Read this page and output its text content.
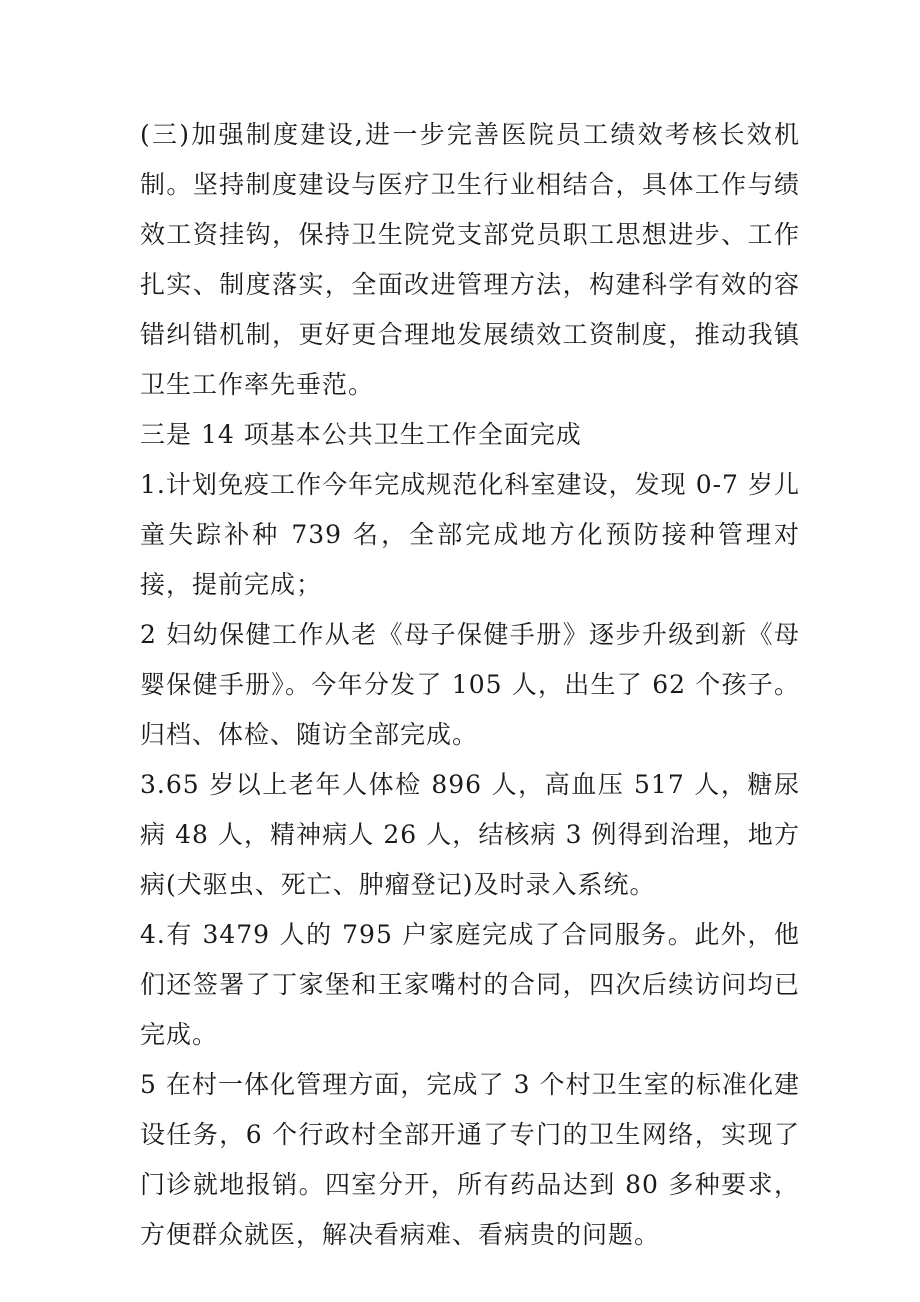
(三)加强制度建设,进一步完善医院员工绩效考核长效机制。坚持制度建设与医疗卫生行业相结合，具体工作与绩效工资挂钩，保持卫生院党支部党员职工思想进步、工作扎实、制度落实，全面改进管理方法，构建科学有效的容错纠错机制，更好更合理地发展绩效工资制度，推动我镇卫生工作率先垂范。

三是 14 项基本公共卫生工作全面完成

1.计划免疫工作今年完成规范化科室建设，发现 0-7 岁儿童失踪补种 739 名，全部完成地方化预防接种管理对接，提前完成；

2 妇幼保健工作从老《母子保健手册》逐步升级到新《母婴保健手册》。今年分发了 105 人，出生了 62 个孩子。归档、体检、随访全部完成。

3.65 岁以上老年人体检 896 人，高血压 517 人，糖尿病 48 人，精神病人 26 人，结核病 3 例得到治理，地方病(犬驱虫、死亡、肿瘤登记)及时录入系统。

4.有 3479 人的 795 户家庭完成了合同服务。此外，他们还签署了丁家堡和王家嘴村的合同，四次后续访问均已完成。

5 在村一体化管理方面，完成了 3 个村卫生室的标准化建设任务，6 个行政村全部开通了专门的卫生网络，实现了门诊就地报销。四室分开，所有药品达到 80 多种要求，方便群众就医，解决看病难、看病贵的问题。
